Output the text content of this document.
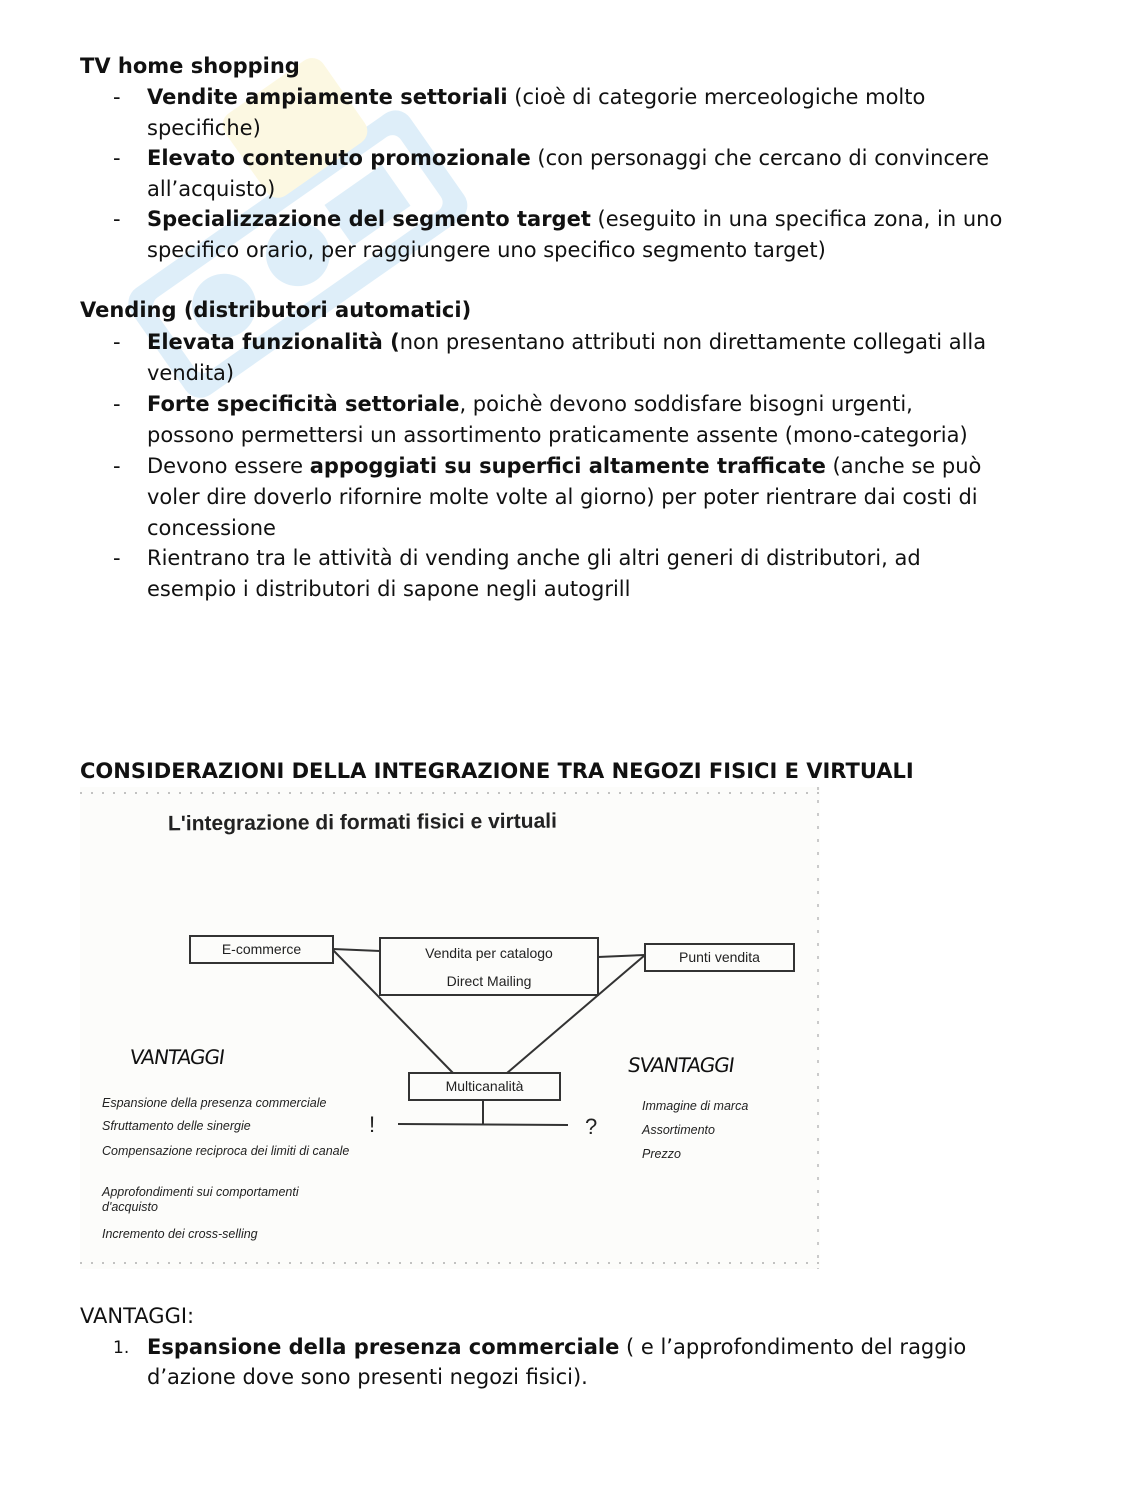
TV home shopping
- Vendite ampiamente settoriali (cioè di categorie merceologiche molto
specifiche)
- Elevato contenuto promozionale (con personaggi che cercano di convincere
all’acquisto)
- Specializzazione del segmento target (eseguito in una specifica zona, in uno
specifico orario, per raggiungere uno specifico segmento target)
Vending (distributori automatici)
- Elevata funzionalità (non presentano attributi non direttamente collegati alla
vendita)
- Forte specificità settoriale, poichè devono soddisfare bisogni urgenti,
possono permettersi un assortimento praticamente assente (mono-categoria)
- Devono essere appoggiati su superfici altamente trafficate (anche se può
voler dire doverlo rifornire molte volte al giorno) per poter rientrare dai costi di
concessione
- Rientrano tra le attività di vending anche gli altri generi di distributori, ad
esempio i distributori di sapone negli autogrill
CONSIDERAZIONI DELLA INTEGRAZIONE TRA NEGOZI FISICI E VIRTUALI
L'integrazione di formati fisici e virtuali
E-commerce	Vendita per catalogo
Direct Mailing
Punti vendita
Multicanalità
VANTAGGI	SVANTAGGI
!	?
Espansione della presenza commerciale
Sfruttamento delle sinergie
Compensazione reciproca dei limiti di canale
Approfondimenti sui comportamenti d'acquisto
Incremento dei cross-selling
Immagine di marca
Assortimento
Prezzo
VANTAGGI:
1. Espansione della presenza commerciale ( e l’approfondimento del raggio
d’azione dove sono presenti negozi fisici).
